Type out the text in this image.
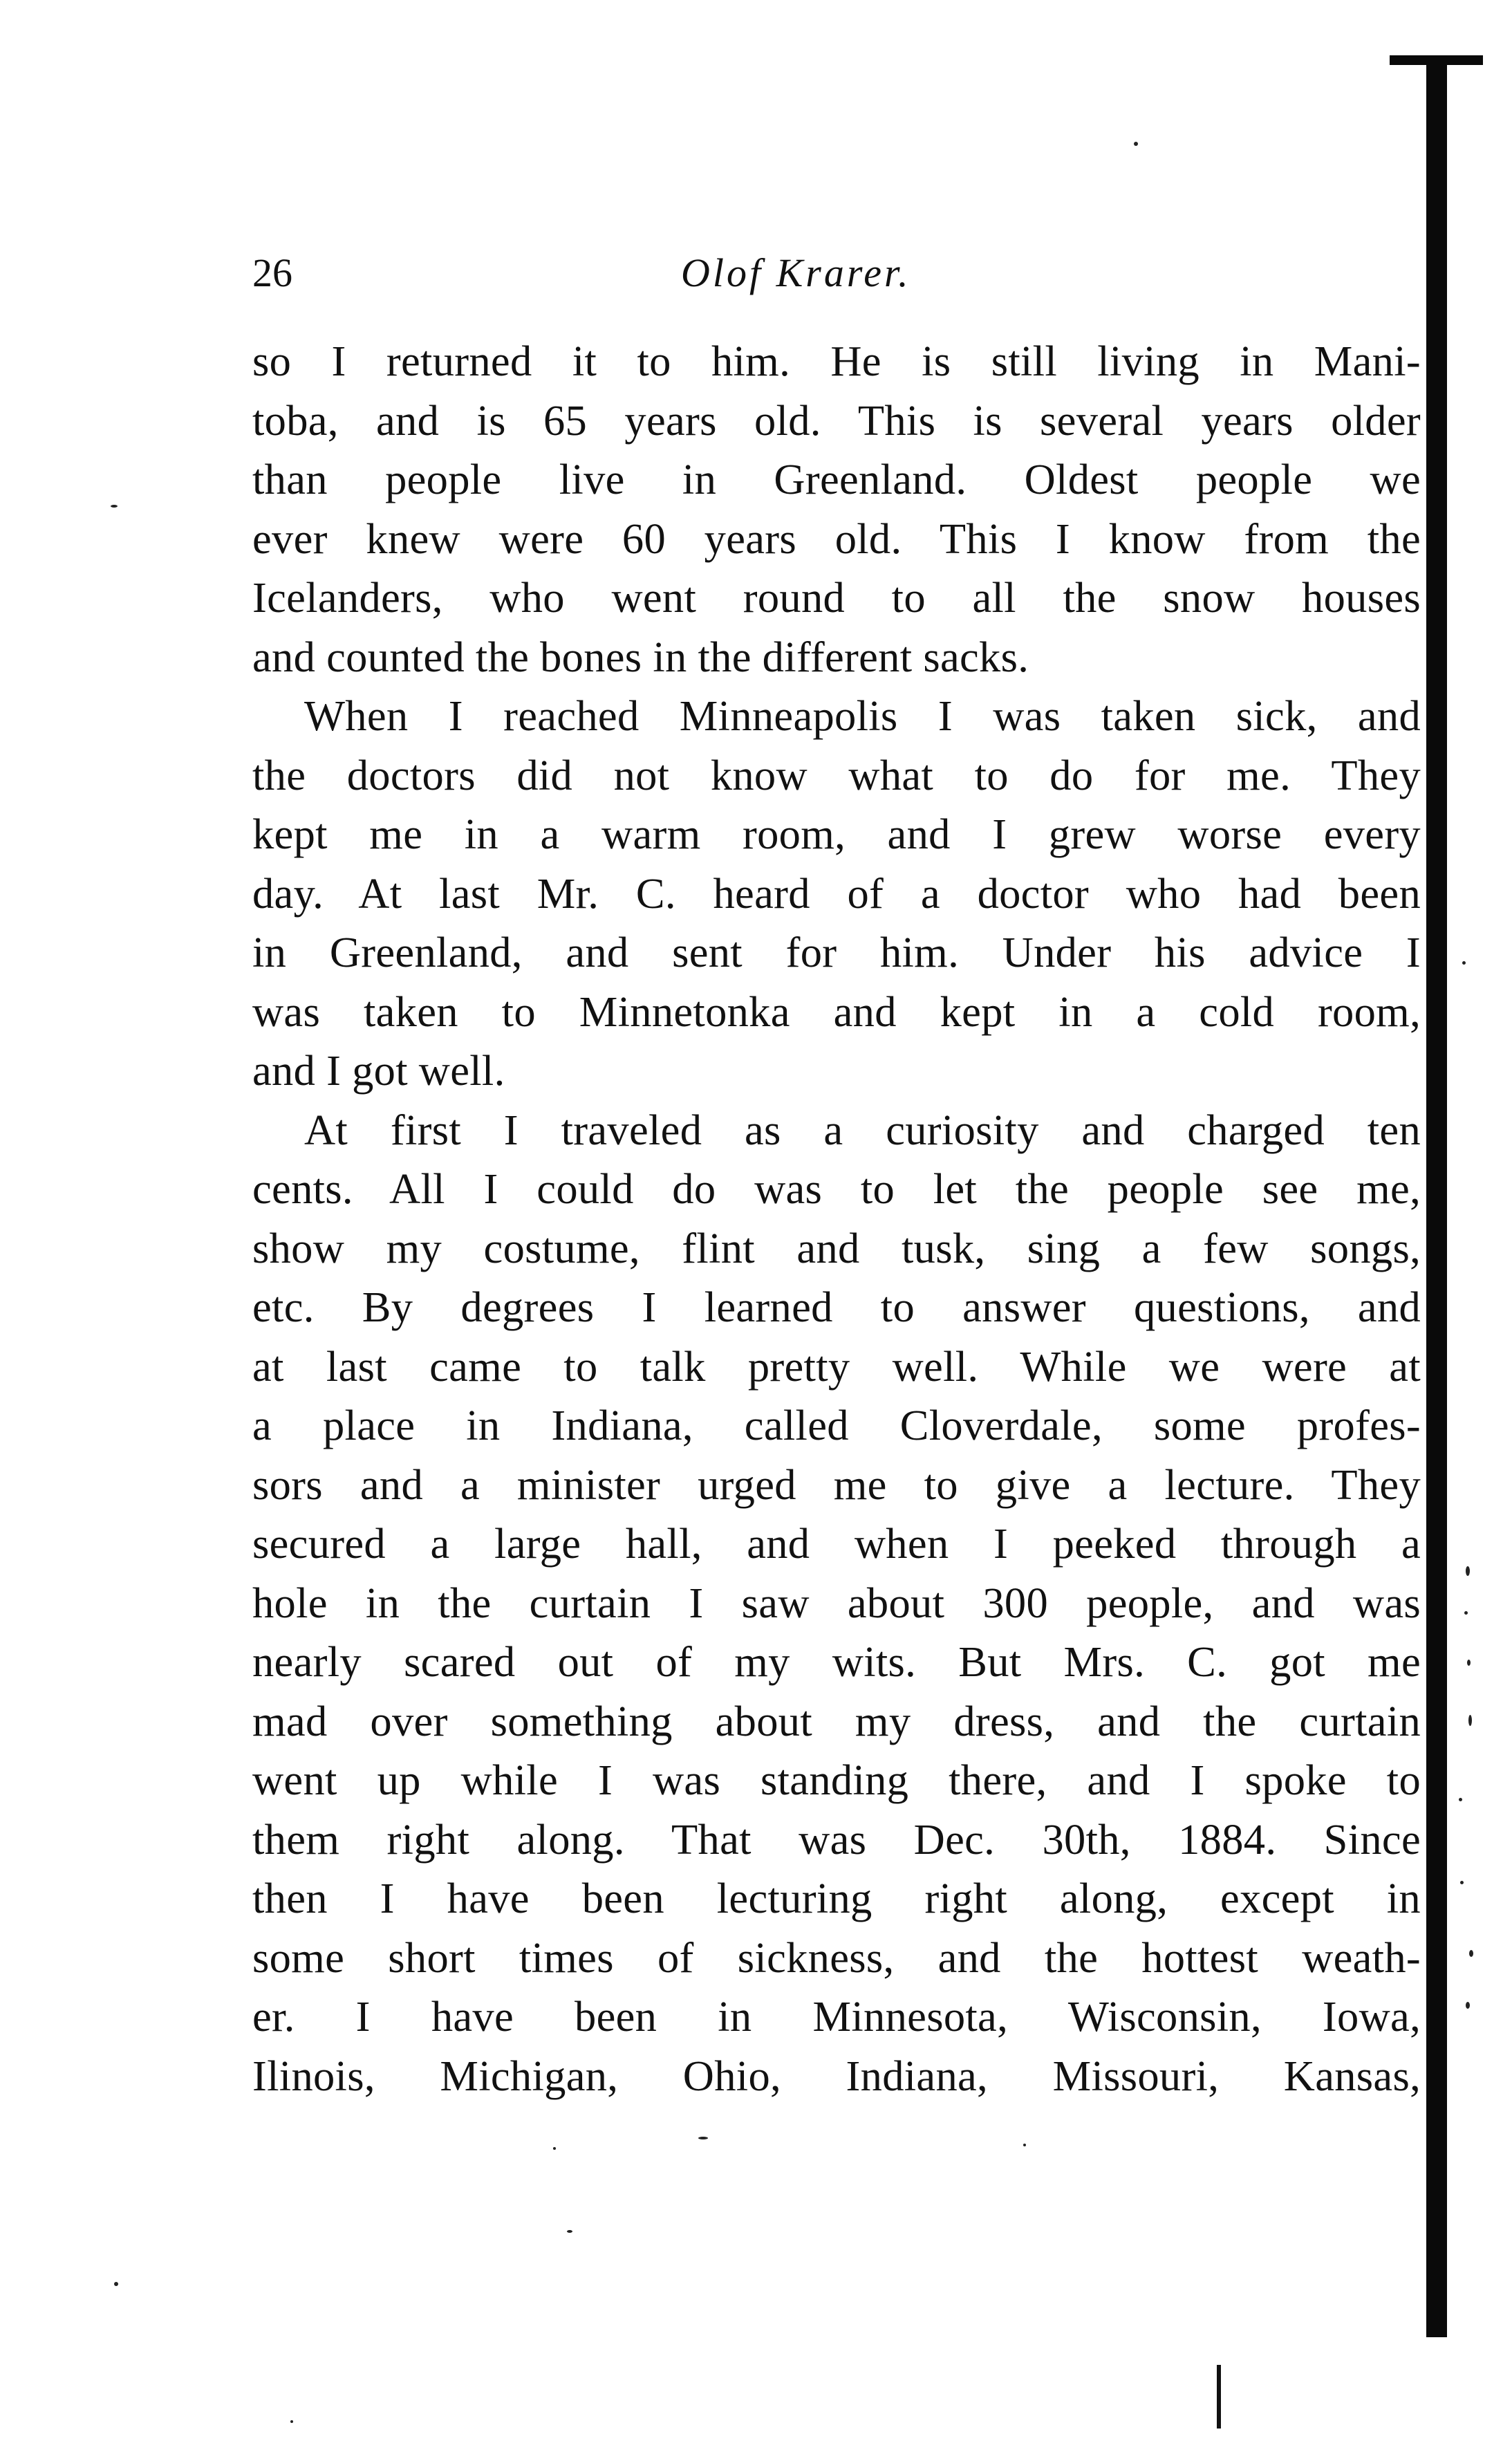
26	Olof Krarer.
so I returned it to him. He is still living in Mani-
toba, and is 65 years old. This is several years older
than people live in Greenland. Oldest people we
ever knew were 60 years old. This I know from the
Icelanders, who went round to all the snow houses
and counted the bones in the different sacks.
When I reached Minneapolis I was taken sick, and
the doctors did not know what to do for me. They
kept me in a warm room, and I grew worse every
day. At last Mr. C. heard of a doctor who had been
in Greenland, and sent for him. Under his advice I
was taken to Minnetonka and kept in a cold room,
and I got well.
At first I traveled as a curiosity and charged ten
cents. All I could do was to let the people see me,
show my costume, flint and tusk, sing a few songs,
etc. By degrees I learned to answer questions, and
at last came to talk pretty well. While we were at
a place in Indiana, called Cloverdale, some profes-
sors and a minister urged me to give a lecture. They
secured a large hall, and when I peeked through a
hole in the curtain I saw about 300 people, and was
nearly scared out of my wits. But Mrs. C. got me
mad over something about my dress, and the curtain
went up while I was standing there, and I spoke to
them right along. That was Dec. 30th, 1884. Since
then I have been lecturing right along, except in
some short times of sickness, and the hottest weath-
er. I have been in Minnesota, Wisconsin, Iowa,
Ilinois, Michigan, Ohio, Indiana, Missouri, Kansas,
